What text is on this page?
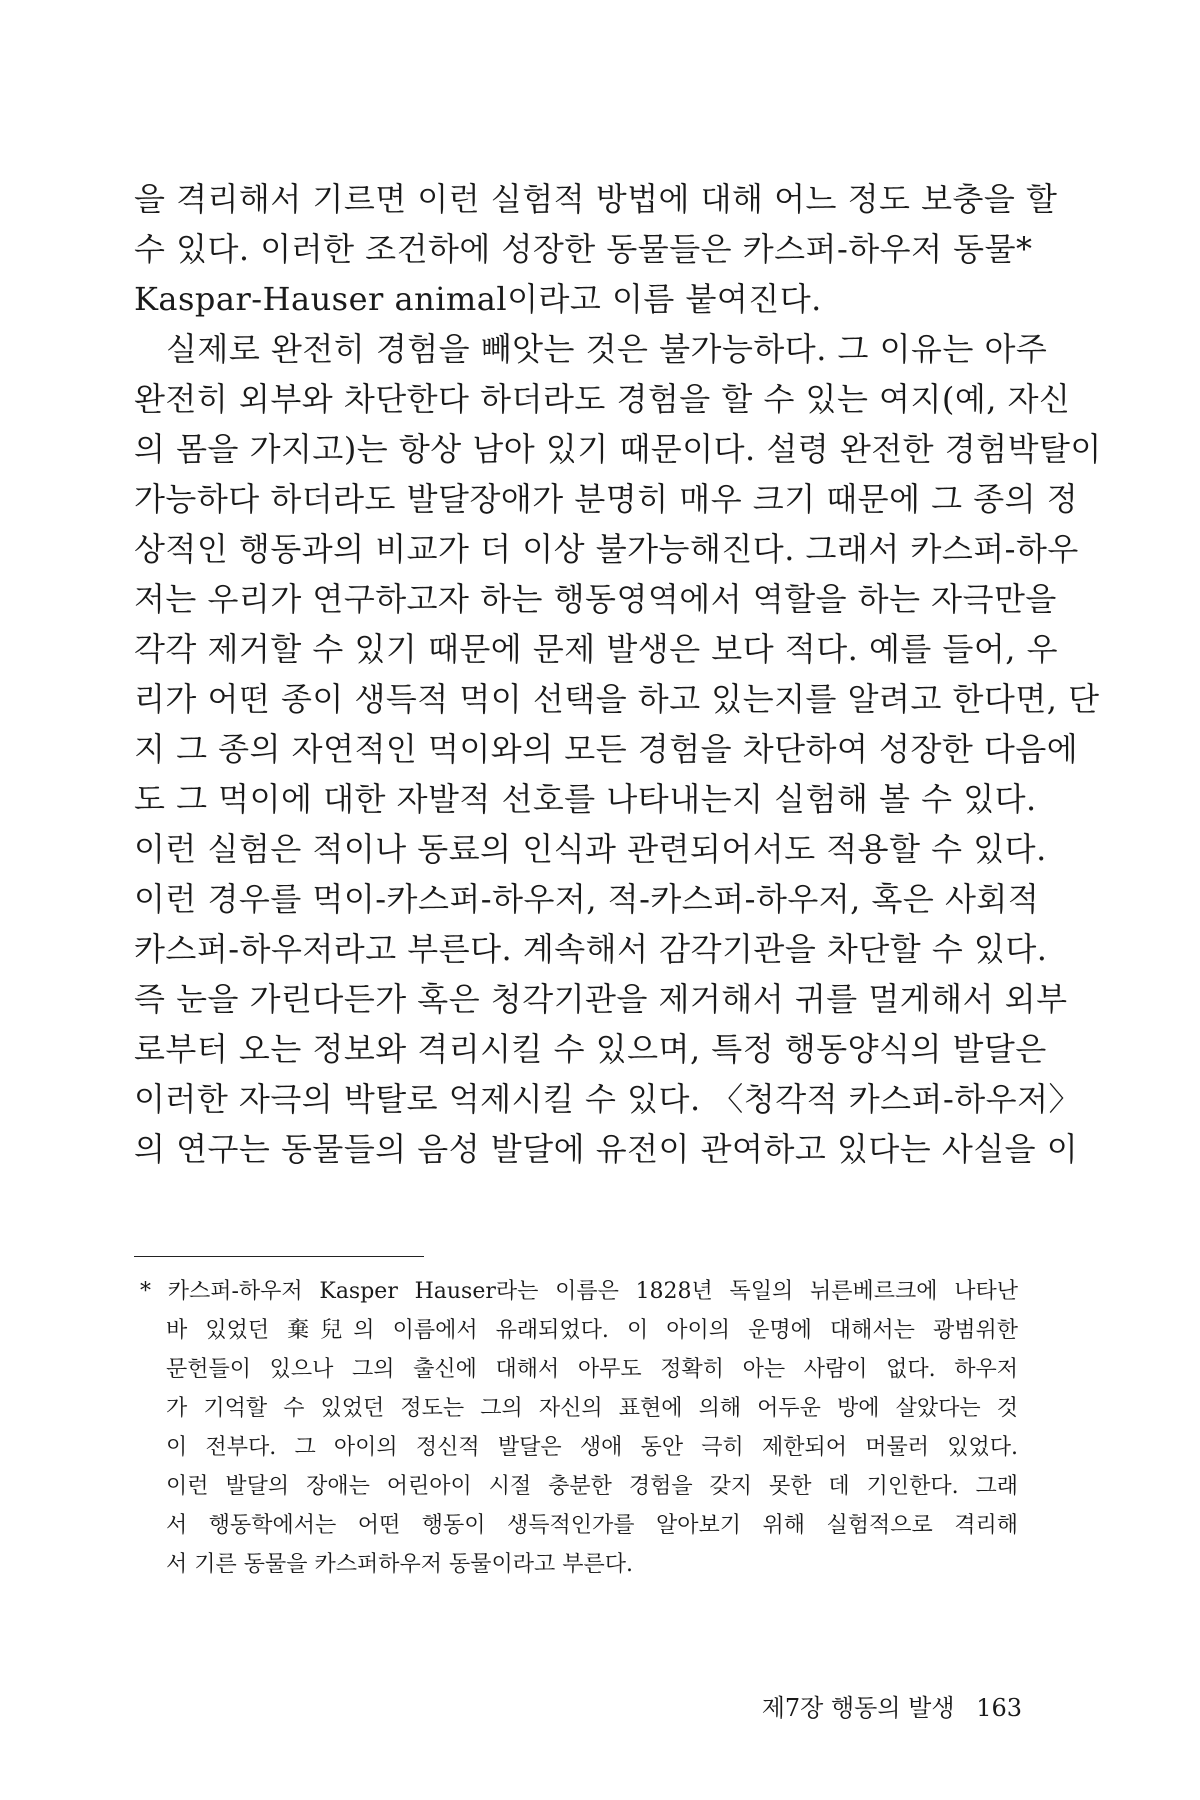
을 격리해서 기르면 이런 실험적 방법에 대해 어느 정도 보충을 할
수 있다. 이러한 조건하에 성장한 동물들은 카스퍼-하우저 동물*
Kaspar-Hauser animal이라고 이름 붙여진다.
실제로 완전히 경험을 빼앗는 것은 불가능하다. 그 이유는 아주
완전히 외부와 차단한다 하더라도 경험을 할 수 있는 여지(예, 자신
의 몸을 가지고)는 항상 남아 있기 때문이다. 설령 완전한 경험박탈이
가능하다 하더라도 발달장애가 분명히 매우 크기 때문에 그 종의 정
상적인 행동과의 비교가 더 이상 불가능해진다. 그래서 카스퍼-하우
저는 우리가 연구하고자 하는 행동영역에서 역할을 하는 자극만을
각각 제거할 수 있기 때문에 문제 발생은 보다 적다. 예를 들어, 우
리가 어떤 종이 생득적 먹이 선택을 하고 있는지를 알려고 한다면, 단
지 그 종의 자연적인 먹이와의 모든 경험을 차단하여 성장한 다음에
도 그 먹이에 대한 자발적 선호를 나타내는지 실험해 볼 수 있다.
이런 실험은 적이나 동료의 인식과 관련되어서도 적용할 수 있다.
이런 경우를 먹이-카스퍼-하우저, 적-카스퍼-하우저, 혹은 사회적
카스퍼-하우저라고 부른다. 계속해서 감각기관을 차단할 수 있다.
즉 눈을 가린다든가 혹은 청각기관을 제거해서 귀를 멀게해서 외부
로부터 오는 정보와 격리시킬 수 있으며, 특정 행동양식의 발달은
이러한 자극의 박탈로 억제시킬 수 있다. 〈청각적 카스퍼-하우저〉
의 연구는 동물들의 음성 발달에 유전이 관여하고 있다는 사실을 이
* 카스퍼-하우저 Kasper Hauser라는 이름은 1828년 독일의 뉘른베르크에 나타난
바 있었던 棄兒의 이름에서 유래되었다. 이 아이의 운명에 대해서는 광범위한
문헌들이 있으나 그의 출신에 대해서 아무도 정확히 아는 사람이 없다. 하우저
가 기억할 수 있었던 정도는 그의 자신의 표현에 의해 어두운 방에 살았다는 것
이 전부다. 그 아이의 정신적 발달은 생애 동안 극히 제한되어 머물러 있었다.
이런 발달의 장애는 어린아이 시절 충분한 경험을 갖지 못한 데 기인한다. 그래
서 행동학에서는 어떤 행동이 생득적인가를 알아보기 위해 실험적으로 격리해
서 기른 동물을 카스퍼하우저 동물이라고 부른다.
제7장 행동의 발생 163
